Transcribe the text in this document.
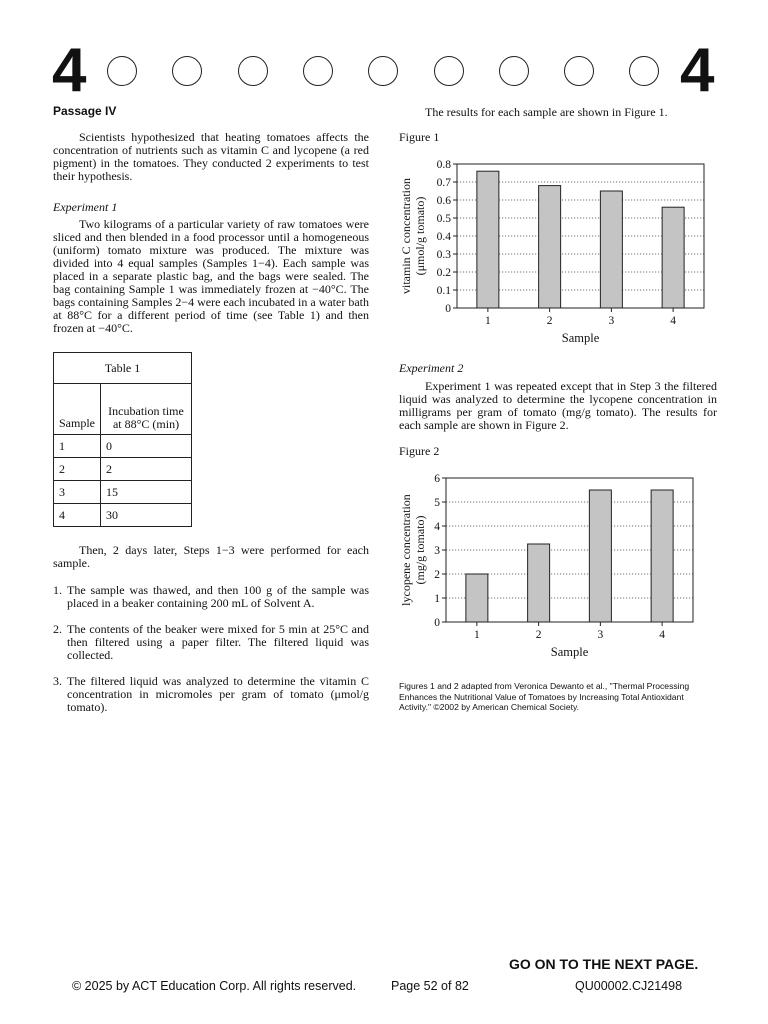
4	4
Passage IV

Scientists hypothesized that heating tomatoes affects the concentration of nutrients such as vitamin C and lycopene (a red pigment) in the tomatoes. They conducted 2 experiments to test their hypothesis.

Experiment 1

Two kilograms of a particular variety of raw tomatoes were sliced and then blended in a food processor until a homogeneous (uniform) tomato mixture was produced. The mixture was divided into 4 equal samples (Samples 1−4). Each sample was placed in a separate plastic bag, and the bags were sealed. The bag containing Sample 1 was immediately frozen at −40°C. The bags containing Samples 2−4 were each incubated in a water bath at 88°C for a different period of time (see Table 1) and then frozen at −40°C.

Table 1	
Sample	Incubation time at 88°C (min)
1	0
2	2
3	15
4	30

Then, 2 days later, Steps 1−3 were performed for each sample.

1. The sample was thawed, and then 100 g of the sample was placed in a beaker containing 200 mL of Solvent A.
2. The contents of the beaker were mixed for 5 min at 25°C and then filtered using a paper filter. The filtered liquid was collected.
3. The filtered liquid was analyzed to determine the vitamin C concentration in micromoles per gram of tomato (μmol/g tomato).

The results for each sample are shown in Figure 1.

Figure 1
0
0.1
0.2
0.3
0.4
0.5
0.6
0.7
0.8
1	2	3	4
Sample
vitamin C concentration (μmol/g tomato)
Experiment 2

Experiment 1 was repeated except that in Step 3 the filtered liquid was analyzed to determine the lycopene concentration in milligrams per gram of tomato (mg/g tomato). The results for each sample are shown in Figure 2.

Figure 2
0
1
2
3
4
5
6
1	2	3	4
Sample
lycopene concentration (mg/g tomato)

Figures 1 and 2 adapted from Veronica Dewanto et al., "Thermal Processing Enhances the Nutritional Value of Tomatoes by Increasing Total Antioxidant Activity." ©2002 by American Chemical Society.

GO ON TO THE NEXT PAGE.
© 2025 by ACT Education Corp. All rights reserved.	Page 52 of 82	QU00002.CJ21498
